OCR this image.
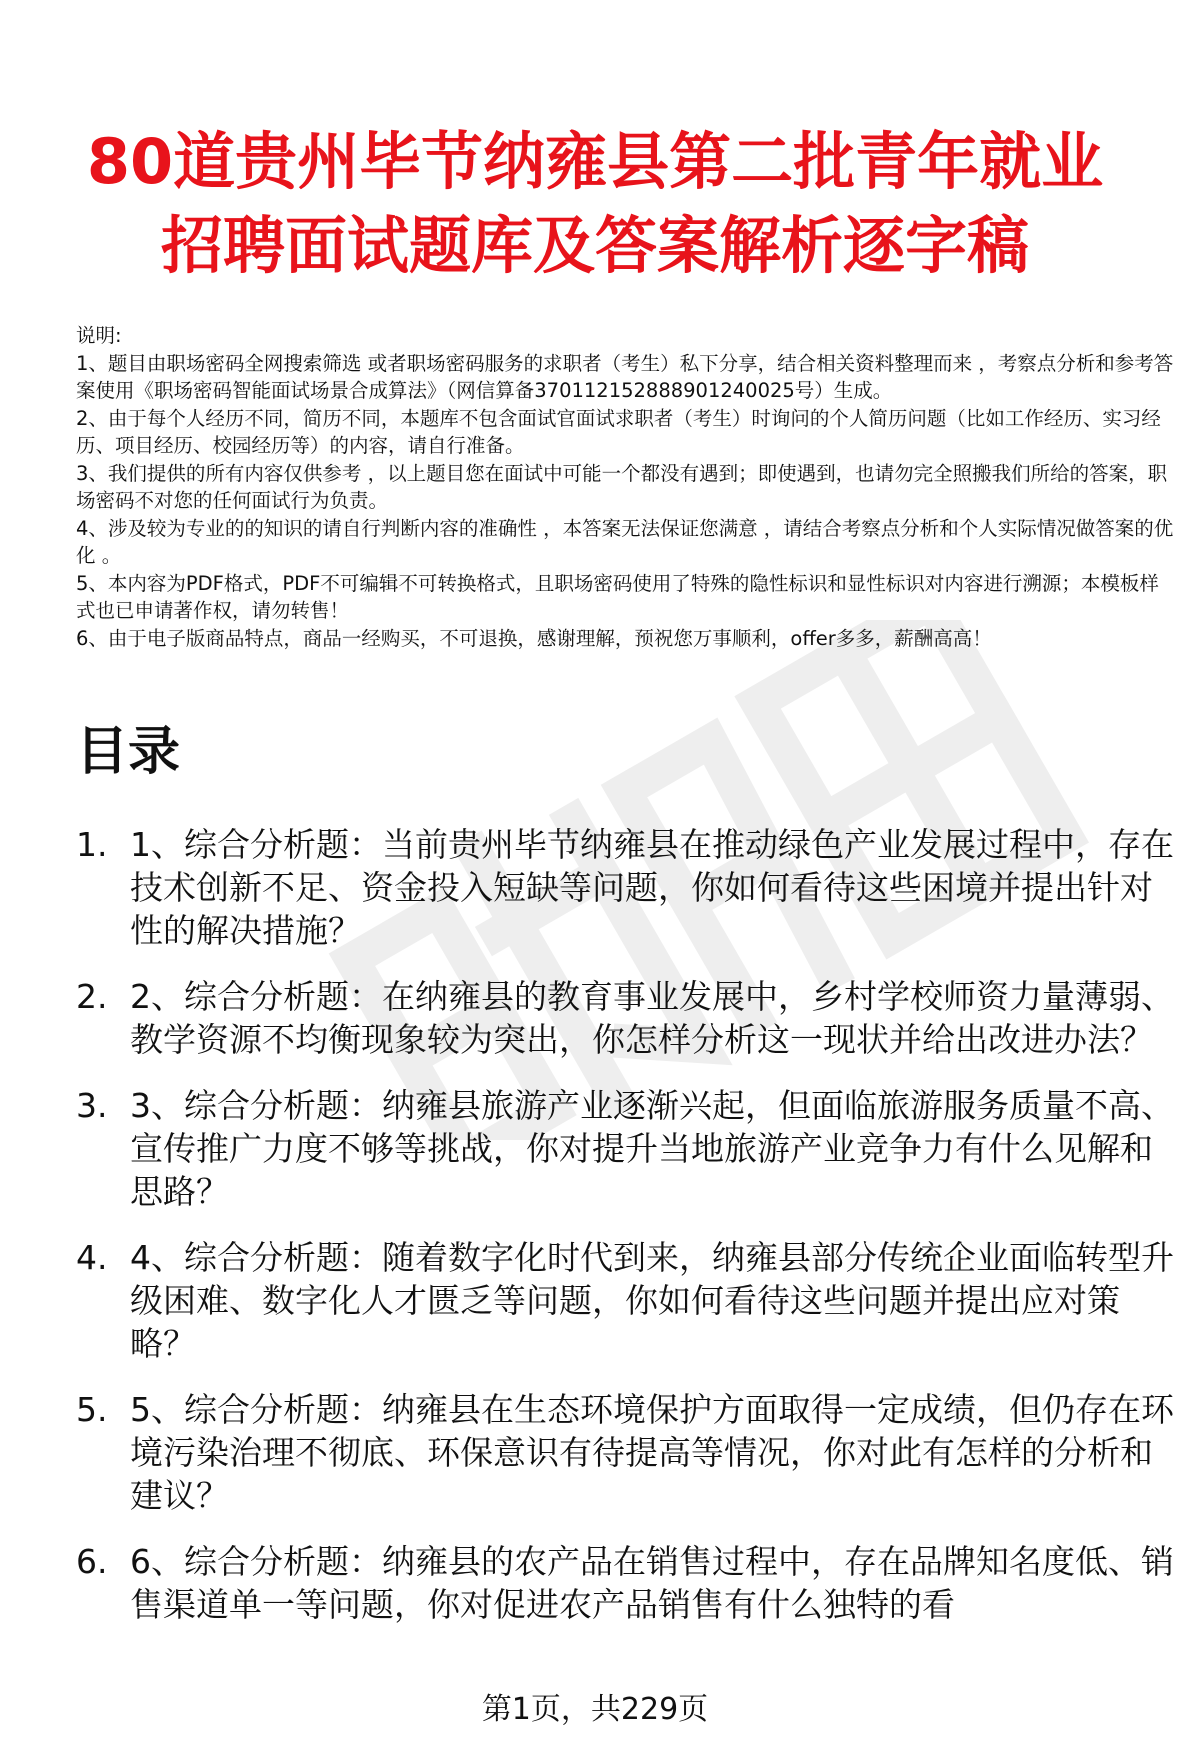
80道贵州毕节纳雍县第二批青年就业招聘面试题库及答案解析逐字稿

说明:

1、题目由职场密码全网搜索筛选 或者职场密码服务的求职者（考生）私下分享，结合相关资料整理而来 ，考察点分析和参考答案使用《职场密码智能面试场景合成算法》（网信算备370112152888901240025号）生成。

2、由于每个人经历不同，简历不同，本题库不包含面试官面试求职者（考生）时询问的个人简历问题（比如工作经历、实习经历、项目经历、校园经历等）的内容，请自行准备。

3、我们提供的所有内容仅供参考 ，以上题目您在面试中可能一个都没有遇到；即使遇到，也请勿完全照搬我们所给的答案，职场密码不对您的任何面试行为负责。

4、涉及较为专业的的知识的请自行判断内容的准确性 ，本答案无法保证您满意 ，请结合考察点分析和个人实际情况做答案的优化 。

5、本内容为PDF格式，PDF不可编辑不可转换格式，且职场密码使用了特殊的隐性标识和显性标识对内容进行溯源；本模板样式也已申请著作权，请勿转售！

6、由于电子版商品特点，商品一经购买，不可退换，感谢理解，预祝您万事顺利，offer多多，薪酬高高！

目录
1. 1、综合分析题：当前贵州毕节纳雍县在推动绿色产业发展过程中，存在技术创新不足、资金投入短缺等问题，你如何看待这些困境并提出针对性的解决措施？
2. 2、综合分析题：在纳雍县的教育事业发展中，乡村学校师资力量薄弱、教学资源不均衡现象较为突出，你怎样分析这一现状并给出改进办法？
3. 3、综合分析题：纳雍县旅游产业逐渐兴起，但面临旅游服务质量不高、宣传推广力度不够等挑战，你对提升当地旅游产业竞争力有什么见解和思路？
4. 4、综合分析题：随着数字化时代到来，纳雍县部分传统企业面临转型升级困难、数字化人才匮乏等问题，你如何看待这些问题并提出应对策略？
5. 5、综合分析题：纳雍县在生态环境保护方面取得一定成绩，但仍存在环境污染治理不彻底、环保意识有待提高等情况，你对此有怎样的分析和建议？
6. 6、综合分析题：纳雍县的农产品在销售过程中，存在品牌知名度低、销售渠道单一等问题，你对促进农产品销售有什么独特的看
第1页，共229页
